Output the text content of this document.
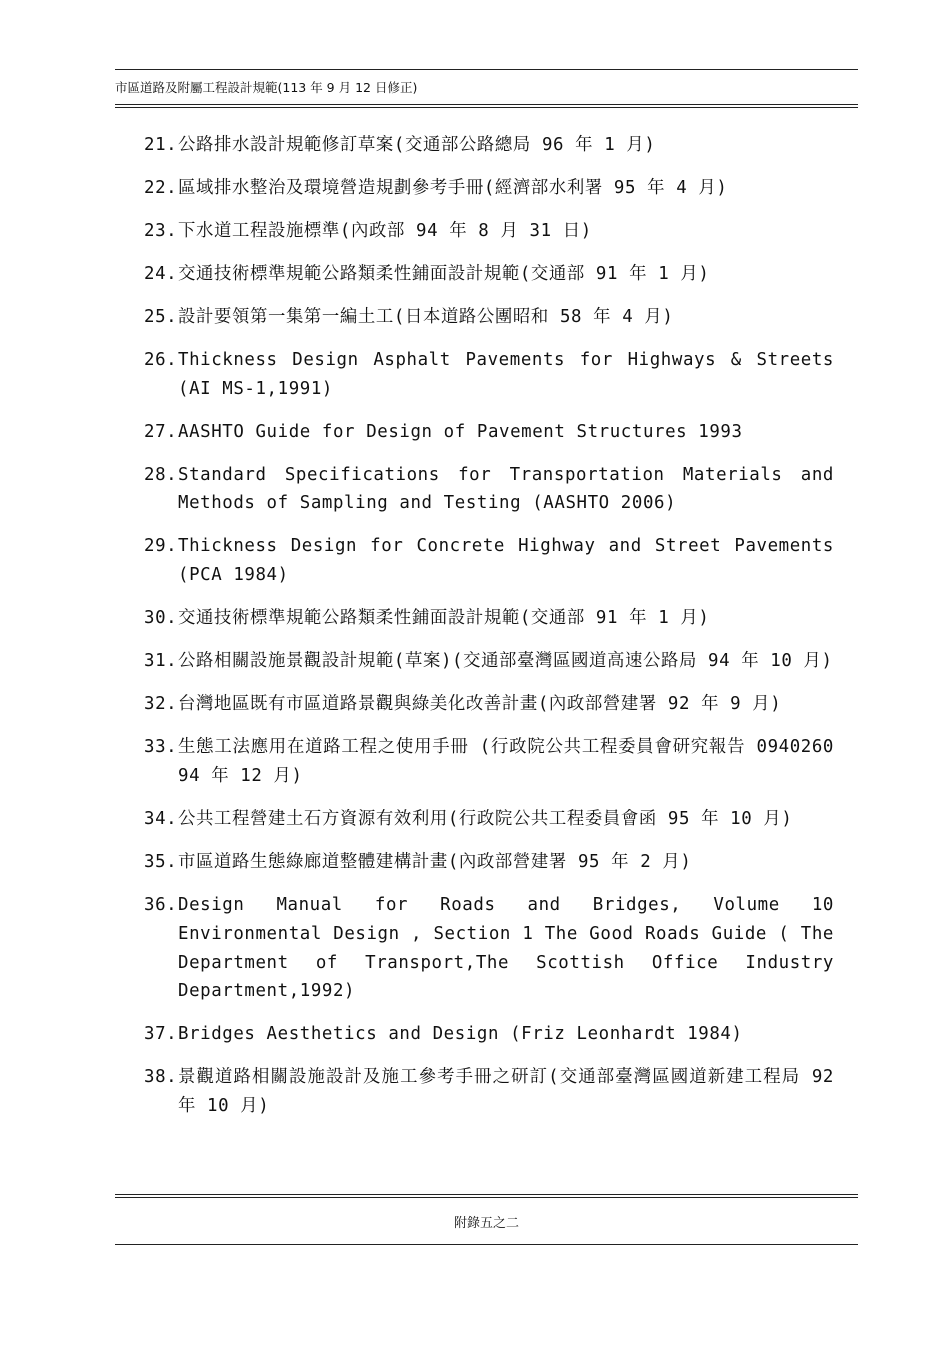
市區道路及附屬工程設計規範(113 年 9 月 12 日修正)
21. 公路排水設計規範修訂草案(交通部公路總局 96 年 1 月)
22. 區域排水整治及環境營造規劃參考手冊(經濟部水利署 95 年 4 月)
23. 下水道工程設施標準(內政部 94 年 8 月 31 日)
24. 交通技術標準規範公路類柔性鋪面設計規範(交通部 91 年 1 月)
25. 設計要領第一集第一編土工(日本道路公團昭和 58 年 4 月)
26. Thickness Design Asphalt Pavements for Highways & Streets (AI MS-1,1991)
27. AASHTO Guide for Design of Pavement Structures 1993
28. Standard Specifications for Transportation Materials and Methods of Sampling and Testing (AASHTO 2006)
29. Thickness Design for Concrete Highway and Street Pavements (PCA 1984)
30. 交通技術標準規範公路類柔性鋪面設計規範(交通部 91 年 1 月)
31. 公路相關設施景觀設計規範(草案)(交通部臺灣區國道高速公路局 94 年 10 月)
32. 台灣地區既有市區道路景觀與綠美化改善計畫(內政部營建署 92 年 9 月)
33. 生態工法應用在道路工程之使用手冊 (行政院公共工程委員會研究報告 0940260 94 年 12 月)
34. 公共工程營建土石方資源有效利用(行政院公共工程委員會函 95 年 10 月)
35. 市區道路生態綠廊道整體建構計畫(內政部營建署 95 年 2 月)
36. Design Manual for Roads and Bridges, Volume 10 Environmental Design , Section 1 The Good Roads Guide ( The Department of Transport,The Scottish Office Industry Department,1992)
37. Bridges Aesthetics and Design (Friz Leonhardt 1984)
38. 景觀道路相關設施設計及施工參考手冊之研訂(交通部臺灣區國道新建工程局 92 年 10 月)
附錄五之二
